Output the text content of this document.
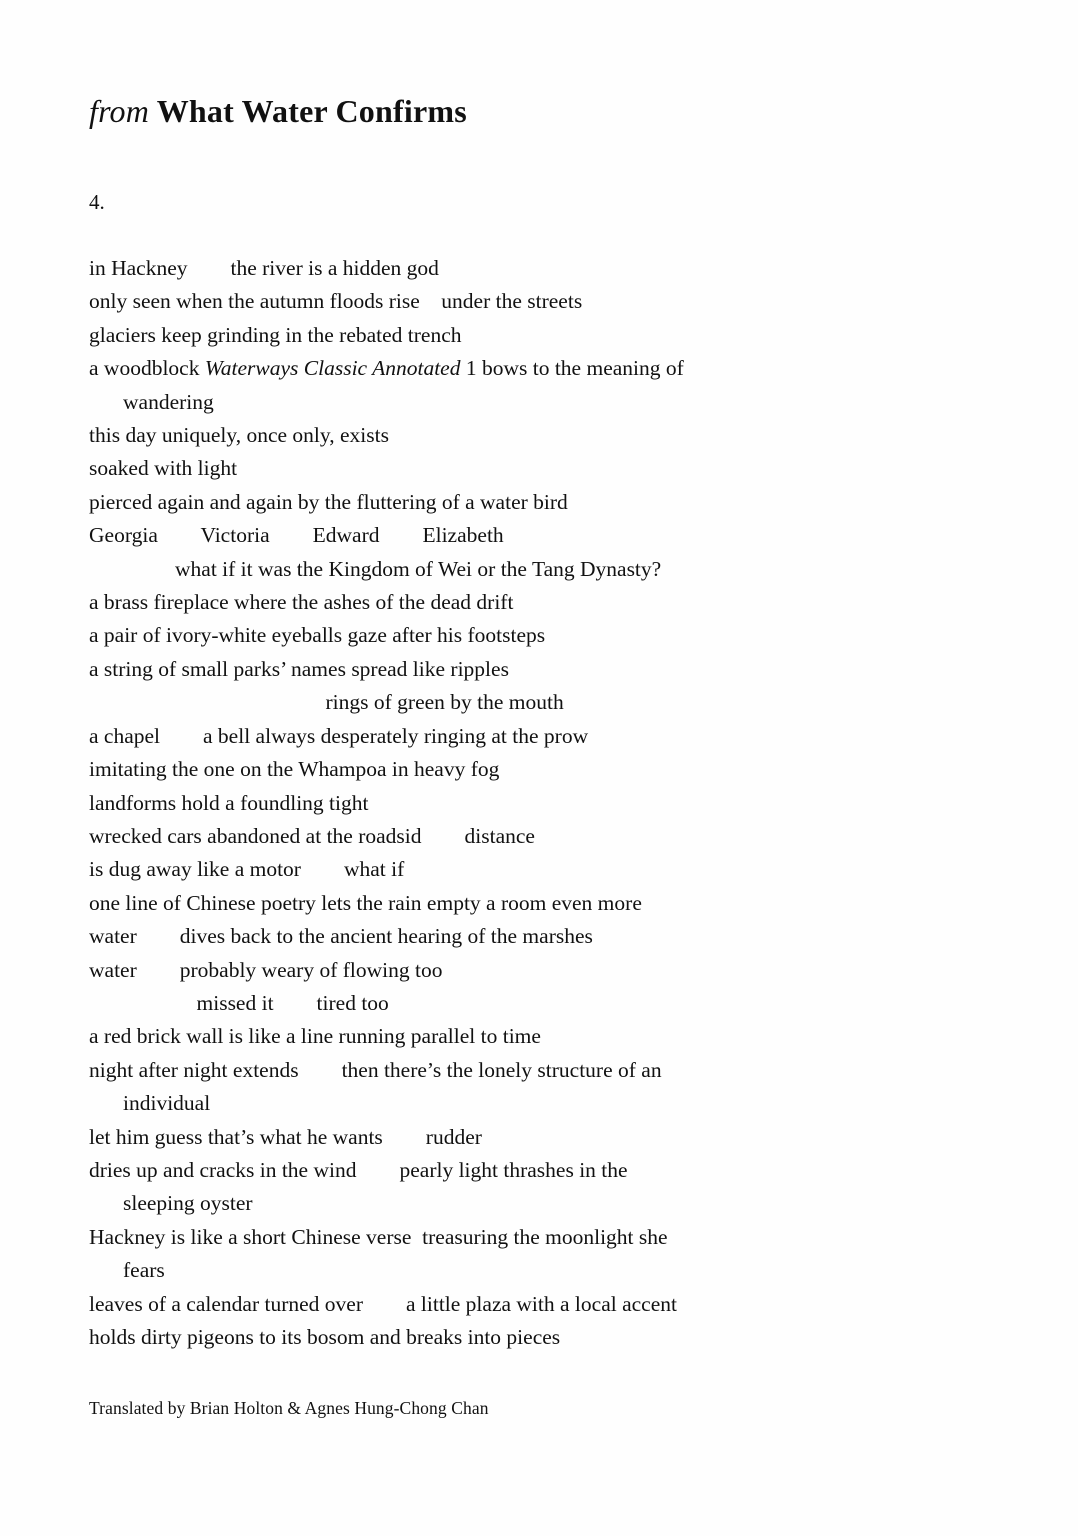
from What Water Confirms
4.
in Hackney        the river is a hidden god
only seen when the autumn floods rise    under the streets
glaciers keep grinding in the rebated trench
a woodblock Waterways Classic Annotated 1 bows to the meaning of
wandering
this day uniquely, once only, exists
soaked with light
pierced again and again by the fluttering of a water bird
Georgia        Victoria        Edward        Elizabeth
what if it was the Kingdom of Wei or the Tang Dynasty?
a brass fireplace where the ashes of the dead drift
a pair of ivory-white eyeballs gaze after his footsteps
a string of small parks’ names spread like ripples
rings of green by the mouth
a chapel        a bell always desperately ringing at the prow
imitating the one on the Whampoa in heavy fog
landforms hold a foundling tight
wrecked cars abandoned at the roadsid        distance
is dug away like a motor        what if
one line of Chinese poetry lets the rain empty a room even more
water        dives back to the ancient hearing of the marshes
water        probably weary of flowing too
missed it        tired too
a red brick wall is like a line running parallel to time
night after night extends        then there’s the lonely structure of an
individual
let him guess that’s what he wants        rudder
dries up and cracks in the wind        pearly light thrashes in the
sleeping oyster
Hackney is like a short Chinese verse  treasuring the moonlight she
fears
leaves of a calendar turned over        a little plaza with a local accent
holds dirty pigeons to its bosom and breaks into pieces
Translated by Brian Holton & Agnes Hung-Chong Chan
